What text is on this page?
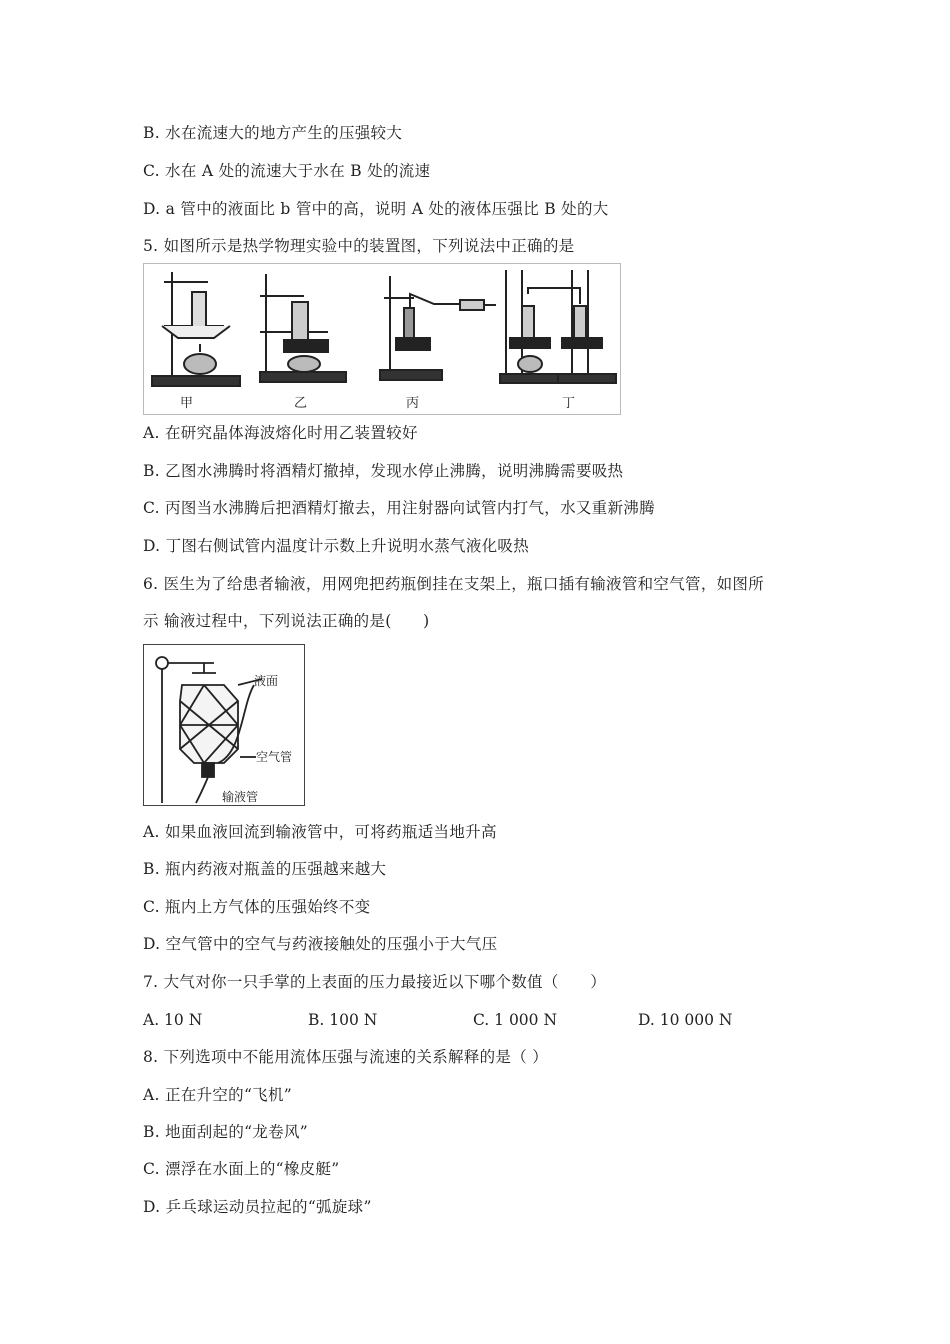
B. 水在流速大的地方产生的压强较大
C. 水在 A 处的流速大于水在 B 处的流速
D. a 管中的液面比 b 管中的高，说明 A 处的液体压强比 B 处的大
5. 如图所示是热学物理实验中的装置图，下列说法中正确的是
甲	乙	丙	丁
A. 在研究晶体海波熔化时用乙装置较好
B. 乙图水沸腾时将酒精灯撤掉，发现水停止沸腾，说明沸腾需要吸热
C. 丙图当水沸腾后把酒精灯撤去，用注射器向试管内打气，水又重新沸腾
D. 丁图右侧试管内温度计示数上升说明水蒸气液化吸热
6. 医生为了给患者输液，用网兜把药瓶倒挂在支架上，瓶口插有输液管和空气管，如图所
示 输液过程中，下列说法正确的是(　　)
液面
空气管
输液管
A. 如果血液回流到输液管中，可将药瓶适当地升高
B. 瓶内药液对瓶盖的压强越来越大
C. 瓶内上方气体的压强始终不变
D. 空气管中的空气与药液接触处的压强小于大气压
7. 大气对你一只手掌的上表面的压力最接近以下哪个数值（　　）
A. 10 N	B. 100 N	C. 1 000 N	D. 10 000 N
8. 下列选项中不能用流体压强与流速的关系解释的是（ ）
A. 正在升空的“飞机”
B. 地面刮起的“龙卷风”
C. 漂浮在水面上的“橡皮艇”
D. 乒乓球运动员拉起的“弧旋球”
